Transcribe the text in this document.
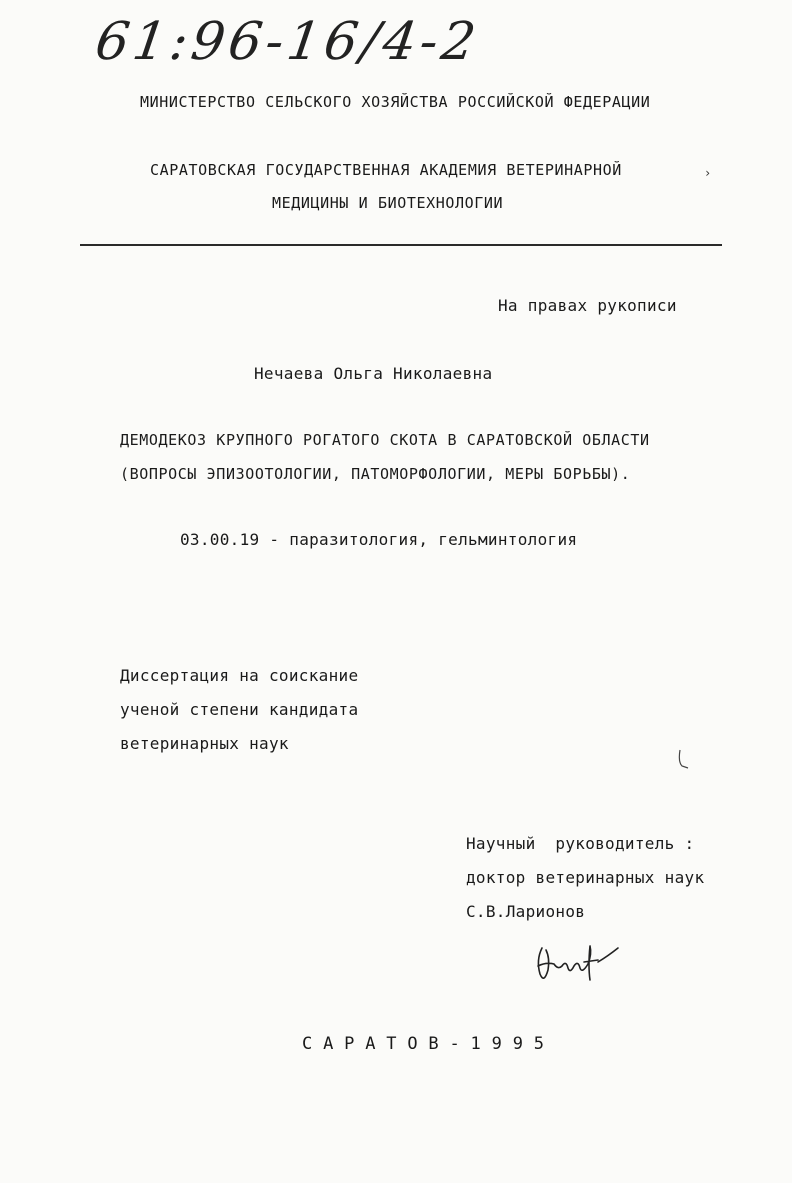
61:96-16/4-2
МИНИСТЕРСТВО СЕЛЬСКОГО ХОЗЯЙСТВА РОССИЙСКОЙ ФЕДЕРАЦИИ
САРАТОВСКАЯ ГОСУДАРСТВЕННАЯ АКАДЕМИЯ ВЕТЕРИНАРНОЙ
МЕДИЦИНЫ И БИОТЕХНОЛОГИИ
›
На правах рукописи
Нечаева Ольга Николаевна
ДЕМОДЕКОЗ КРУПНОГО РОГАТОГО СКОТА В САРАТОВСКОЙ ОБЛАСТИ
(ВОПРОСЫ ЭПИЗООТОЛОГИИ, ПАТОМОРФОЛОГИИ, МЕРЫ БОРЬБЫ).
03.00.19 - паразитология, гельминтология
Диссертация на соискание
ученой степени кандидата
ветеринарных наук
Научный  руководитель :
доктор ветеринарных наук
С.В.Ларионов
С А Р А Т О В - 1 9 9 5
